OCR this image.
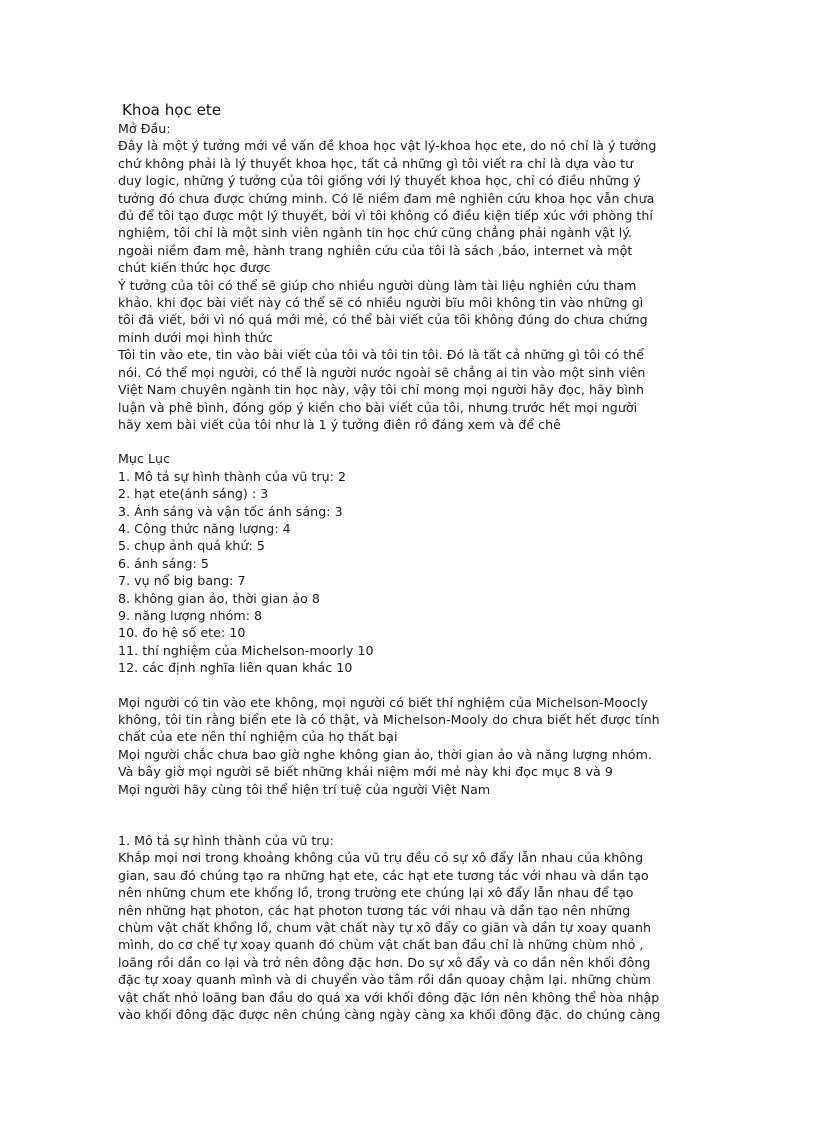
Khoa học ete
Mở Đầu:
Đây là một ý tưởng mới về vấn đề khoa học vật lý-khoa học ete, do nó chỉ là ý tưởng
chứ không phải là lý thuyết khoa học, tất cả những gì tôi viết ra chỉ là dựa vào tư
duy logic, những ý tưởng của tôi giống với lý thuyết khoa học, chỉ có điều những ý
tưởng đó chưa được chứng minh. Có lẽ niềm đam mê nghiên cứu khoa học vẫn chưa
đủ để tôi tạo được một lý thuyết, bởi vì tôi không có điều kiện tiếp xúc với phòng thí
nghiệm, tôi chỉ là một sinh viên ngành tin học chứ cũng chẳng phải ngành vật lý.
ngoài niềm đam mê, hành trang nghiên cứu của tôi là sách ,báo, internet và một
chút kiến thức học được
Ý tưởng của tôi có thể sẽ giúp cho nhiều người dùng làm tài liệu nghiên cứu tham
khảo. khi đọc bài viết này có thể sẽ có nhiều người bĩu môi không tin vào những gì
tôi đã viết, bởi vì nó quá mới mẻ, có thể bài viết của tôi không đúng do chưa chứng
minh dưới mọi hình thức
Tôi tin vào ete, tin vào bài viết của tôi và tôi tin tôi. Đó là tất cả những gì tôi có thể
nói. Có thể mọi người, có thể là người nước ngoài sẽ chẳng ai tin vào một sinh viên
Việt Nam chuyên ngành tin học này, vậy tôi chỉ mong mọi người hãy đọc, hãy bình
luận và phê bình, đóng góp ý kiến cho bài viết của tôi, nhưng trước hết mọi người
hãy xem bài viết của tôi như là 1 ý tưởng điên rồ đáng xem và để chê
Mục Lục
1. Mô tả sự hình thành của vũ trụ: 2
2. hạt ete(ánh sáng) : 3
3. Ánh sáng và vận tốc ánh sáng: 3
4. Công thức năng lượng: 4
5. chụp ảnh quá khứ: 5
6. ánh sáng: 5
7. vụ nổ big bang: 7
8. không gian ảo, thời gian ảo 8
9. năng lượng nhóm: 8
10. đo hệ số ete: 10
11. thí nghiệm của Michelson-moorly 10
12. các định nghĩa liên quan khác 10
Mọi người có tin vào ete không, mọi người có biết thí nghiệm của Michelson-Moocly
không, tôi tin rằng biển ete là có thật, và Michelson-Mooly do chưa biết hết được tính
chất của ete nên thí nghiệm của họ thất bại
Mọi người chắc chưa bao giờ nghe không gian ảo, thời gian ảo và năng lượng nhóm.
Và bây giờ mọi người sẽ biết những khái niệm mới mẻ này khi đọc mục 8 và 9
Mọi người hãy cùng tôi thể hiện trí tuệ của người Việt Nam
1. Mô tả sự hình thành của vũ trụ:
Khắp mọi nơi trong khoảng không của vũ trụ đều có sự xô đẩy lẫn nhau của không
gian, sau đó chúng tạo ra những hạt ete, các hạt ete tương tác với nhau và dần tạo
nên những chum ete khổng lồ, trong trường ete chúng lại xô đẩy lẫn nhau để tạo
nên những hạt photon, các hạt photon tương tác với nhau và dần tạo nên những
chùm vật chất khổng lồ, chum vật chất này tự xô đẩy co giãn và dần tự xoay quanh
mình, do cơ chế tự xoay quanh đó chùm vật chất ban đầu chỉ là những chùm nhỏ ,
loãng rồi dần co lại và trở nên đông đặc hơn. Do sự xô đẩy và co dần nên khối đông
đặc tự xoay quanh mình và di chuyển vào tâm rồi dần quoay chậm lại. những chùm
vật chất nhỏ loãng ban đầu do quá xa với khối đông đặc lớn nên không thể hòa nhập
vào khối đông đặc được nên chúng càng ngày càng xa khối đông đặc. do chúng càng
